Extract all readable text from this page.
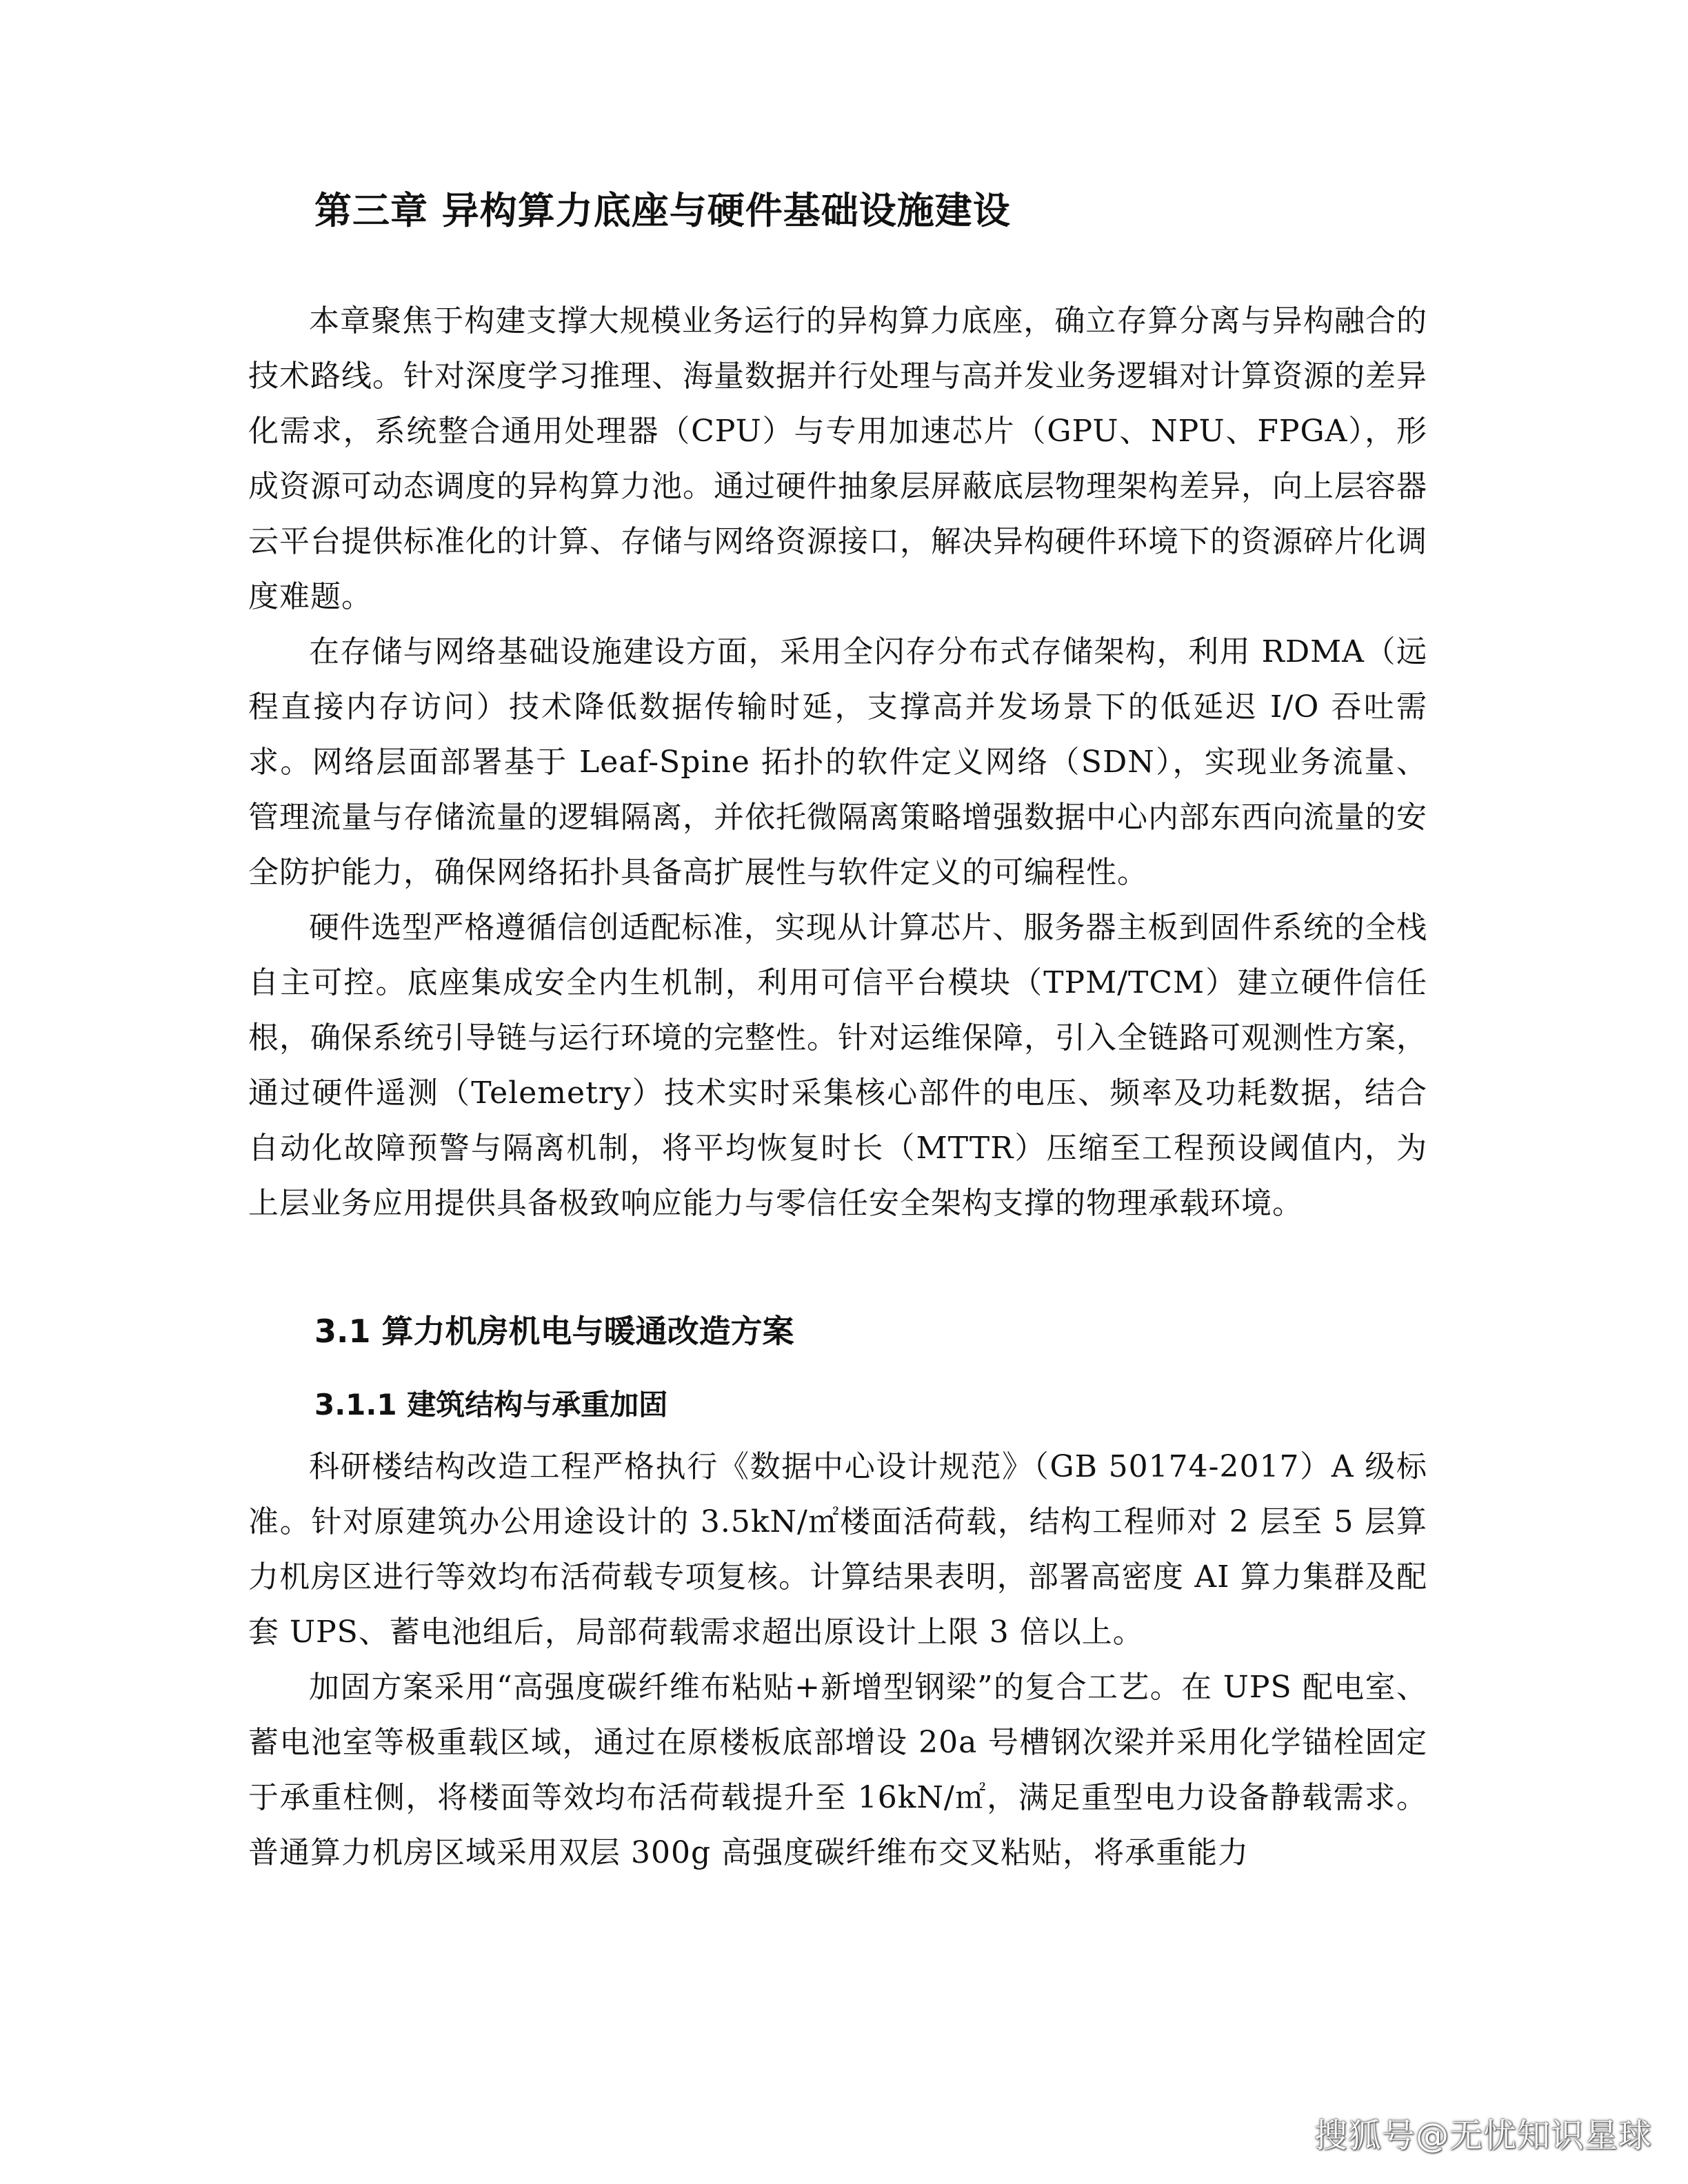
第三章 异构算力底座与硬件基础设施建设

本章聚焦于构建支撑大规模业务运行的异构算力底座，确立存算分离与异构融合的技术路线。针对深度学习推理、海量数据并行处理与高并发业务逻辑对计算资源的差异化需求，系统整合通用处理器（CPU）与专用加速芯片（GPU、NPU、FPGA），形成资源可动态调度的异构算力池。通过硬件抽象层屏蔽底层物理架构差异，向上层容器云平台提供标准化的计算、存储与网络资源接口，解决异构硬件环境下的资源碎片化调度难题。

在存储与网络基础设施建设方面，采用全闪存分布式存储架构，利用 RDMA（远程直接内存访问）技术降低数据传输时延，支撑高并发场景下的低延迟 I/O 吞吐需求。网络层面部署基于 Leaf-Spine 拓扑的软件定义网络（SDN），实现业务流量、管理流量与存储流量的逻辑隔离，并依托微隔离策略增强数据中心内部东西向流量的安全防护能力，确保网络拓扑具备高扩展性与软件定义的可编程性。

硬件选型严格遵循信创适配标准，实现从计算芯片、服务器主板到固件系统的全栈自主可控。底座集成安全内生机制，利用可信平台模块（TPM/TCM）建立硬件信任根，确保系统引导链与运行环境的完整性。针对运维保障，引入全链路可观测性方案，通过硬件遥测（Telemetry）技术实时采集核心部件的电压、频率及功耗数据，结合自动化故障预警与隔离机制，将平均恢复时长（MTTR）压缩至工程预设阈值内，为上层业务应用提供具备极致响应能力与零信任安全架构支撑的物理承载环境。

3.1 算力机房机电与暖通改造方案
3.1.1 建筑结构与承重加固

科研楼结构改造工程严格执行《数据中心设计规范》（GB 50174-2017）A 级标准。针对原建筑办公用途设计的 3.5kN/㎡楼面活荷载，结构工程师对 2 层至 5 层算力机房区进行等效均布活荷载专项复核。计算结果表明，部署高密度 AI 算力集群及配套 UPS、蓄电池组后，局部荷载需求超出原设计上限 3 倍以上。

加固方案采用“高强度碳纤维布粘贴+新增型钢梁”的复合工艺。在 UPS 配电室、蓄电池室等极重载区域，通过在原楼板底部增设 20a 号槽钢次梁并采用化学锚栓固定于承重柱侧，将楼面等效均布活荷载提升至 16kN/㎡，满足重型电力设备静载需求。普通算力机房区域采用双层 300g 高强度碳纤维布交叉粘贴，将承重能力

搜狐号@无忧知识星球
